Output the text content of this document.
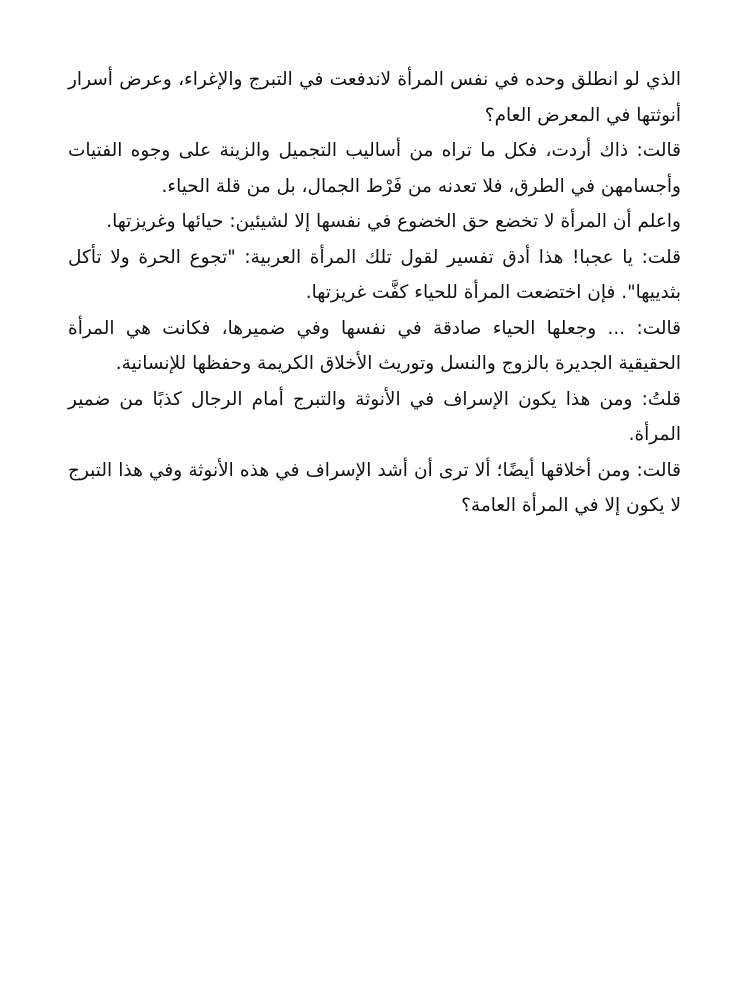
الذي لو انطلق وحده في نفس المرأة لاندفعت في التبرج والإغراء، وعرض أسرار أنوثتها في المعرض العام؟

قالت: ذاك أردت، فكل ما تراه من أساليب التجميل والزينة على وجوه الفتيات وأجسامهن في الطرق، فلا تعدنه من فَرْط الجمال، بل من قلة الحياء.

واعلم أن المرأة لا تخضع حق الخضوع في نفسها إلا لشيئين: حيائها وغريزتها.

قلت: يا عجبا! هذا أدق تفسير لقول تلك المرأة العربية: "تجوع الحرة ولا تأكل بثدييها". فإن اختضعت المرأة للحياء كفَّت غريزتها.

قالت: ... وجعلها الحياء صادقة في نفسها وفي ضميرها، فكانت هي المرأة الحقيقية الجديرة بالزوج والنسل وتوريث الأخلاق الكريمة وحفظها للإنسانية.

قلتُ: ومن هذا يكون الإسراف في الأنوثة والتبرج أمام الرجال كذبًا من ضمير المرأة.

قالت: ومن أخلاقها أيضًا؛ ألا ترى أن أشد الإسراف في هذه الأنوثة وفي هذا التبرج لا يكون إلا في المرأة العامة؟
